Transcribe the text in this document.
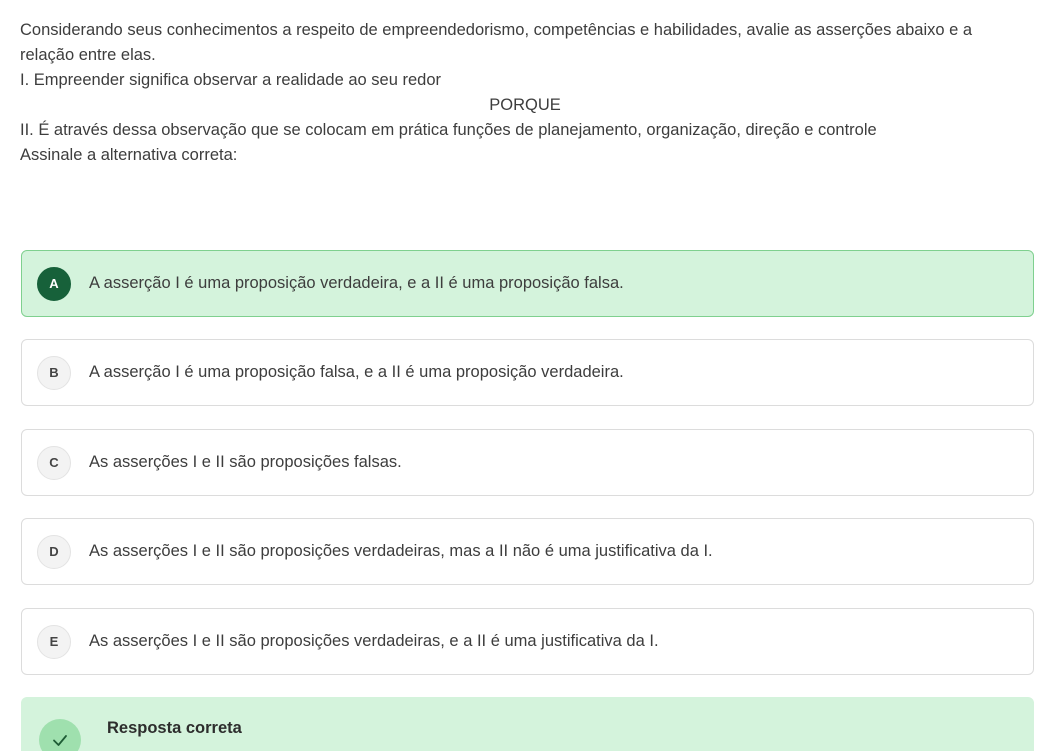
Considerando seus conhecimentos a respeito de empreendedorismo, competências e habilidades, avalie as asserções abaixo e a relação entre elas.

I. Empreender significa observar a realidade ao seu redor

PORQUE

II. É através dessa observação que se colocam em prática funções de planejamento, organização, direção e controle

Assinale a alternativa correta:

A	A asserção I é uma proposição verdadeira, e a II é uma proposição falsa.
B	A asserção I é uma proposição falsa, e a II é uma proposição verdadeira.
C	As asserções I e II são proposições falsas.
D	As asserções I e II são proposições verdadeiras, mas a II não é uma justificativa da I.
E	As asserções I e II são proposições verdadeiras, e a II é uma justificativa da I.
Resposta correta
